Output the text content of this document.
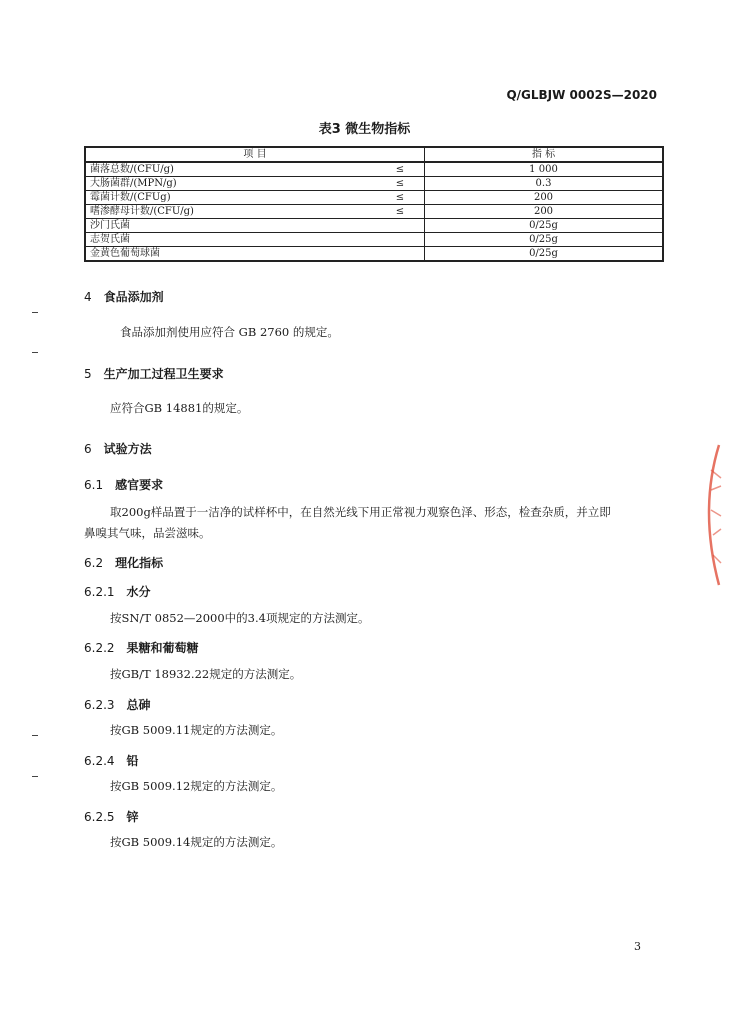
Q/GLBJW 0002S—2020
表3 微生物指标
项 目		指 标
菌落总数/(CFU/g)	≤	1 000
大肠菌群/(MPN/g)	≤	0.3
霉菌计数/(CFUg)	≤	200
嗜渗酵母计数/(CFU/g)	≤	200
沙门氏菌		0/25g
志贺氏菌		0/25g
金黄色葡萄球菌		0/25g
4 食品添加剂
食品添加剂使用应符合 GB 2760 的规定。
5 生产加工过程卫生要求
应符合GB 14881的规定。
6 试验方法
6.1 感官要求
取200g样品置于一洁净的试样杯中，在自然光线下用正常视力观察色泽、形态，检查杂质，并立即
鼻嗅其气味，品尝滋味。
6.2 理化指标
6.2.1 水分
按SN/T 0852—2000中的3.4项规定的方法测定。
6.2.2 果糖和葡萄糖
按GB/T 18932.22规定的方法测定。
6.2.3 总砷
按GB 5009.11规定的方法测定。
6.2.4 铅
按GB 5009.12规定的方法测定。
6.2.5 锌
按GB 5009.14规定的方法测定。
3
